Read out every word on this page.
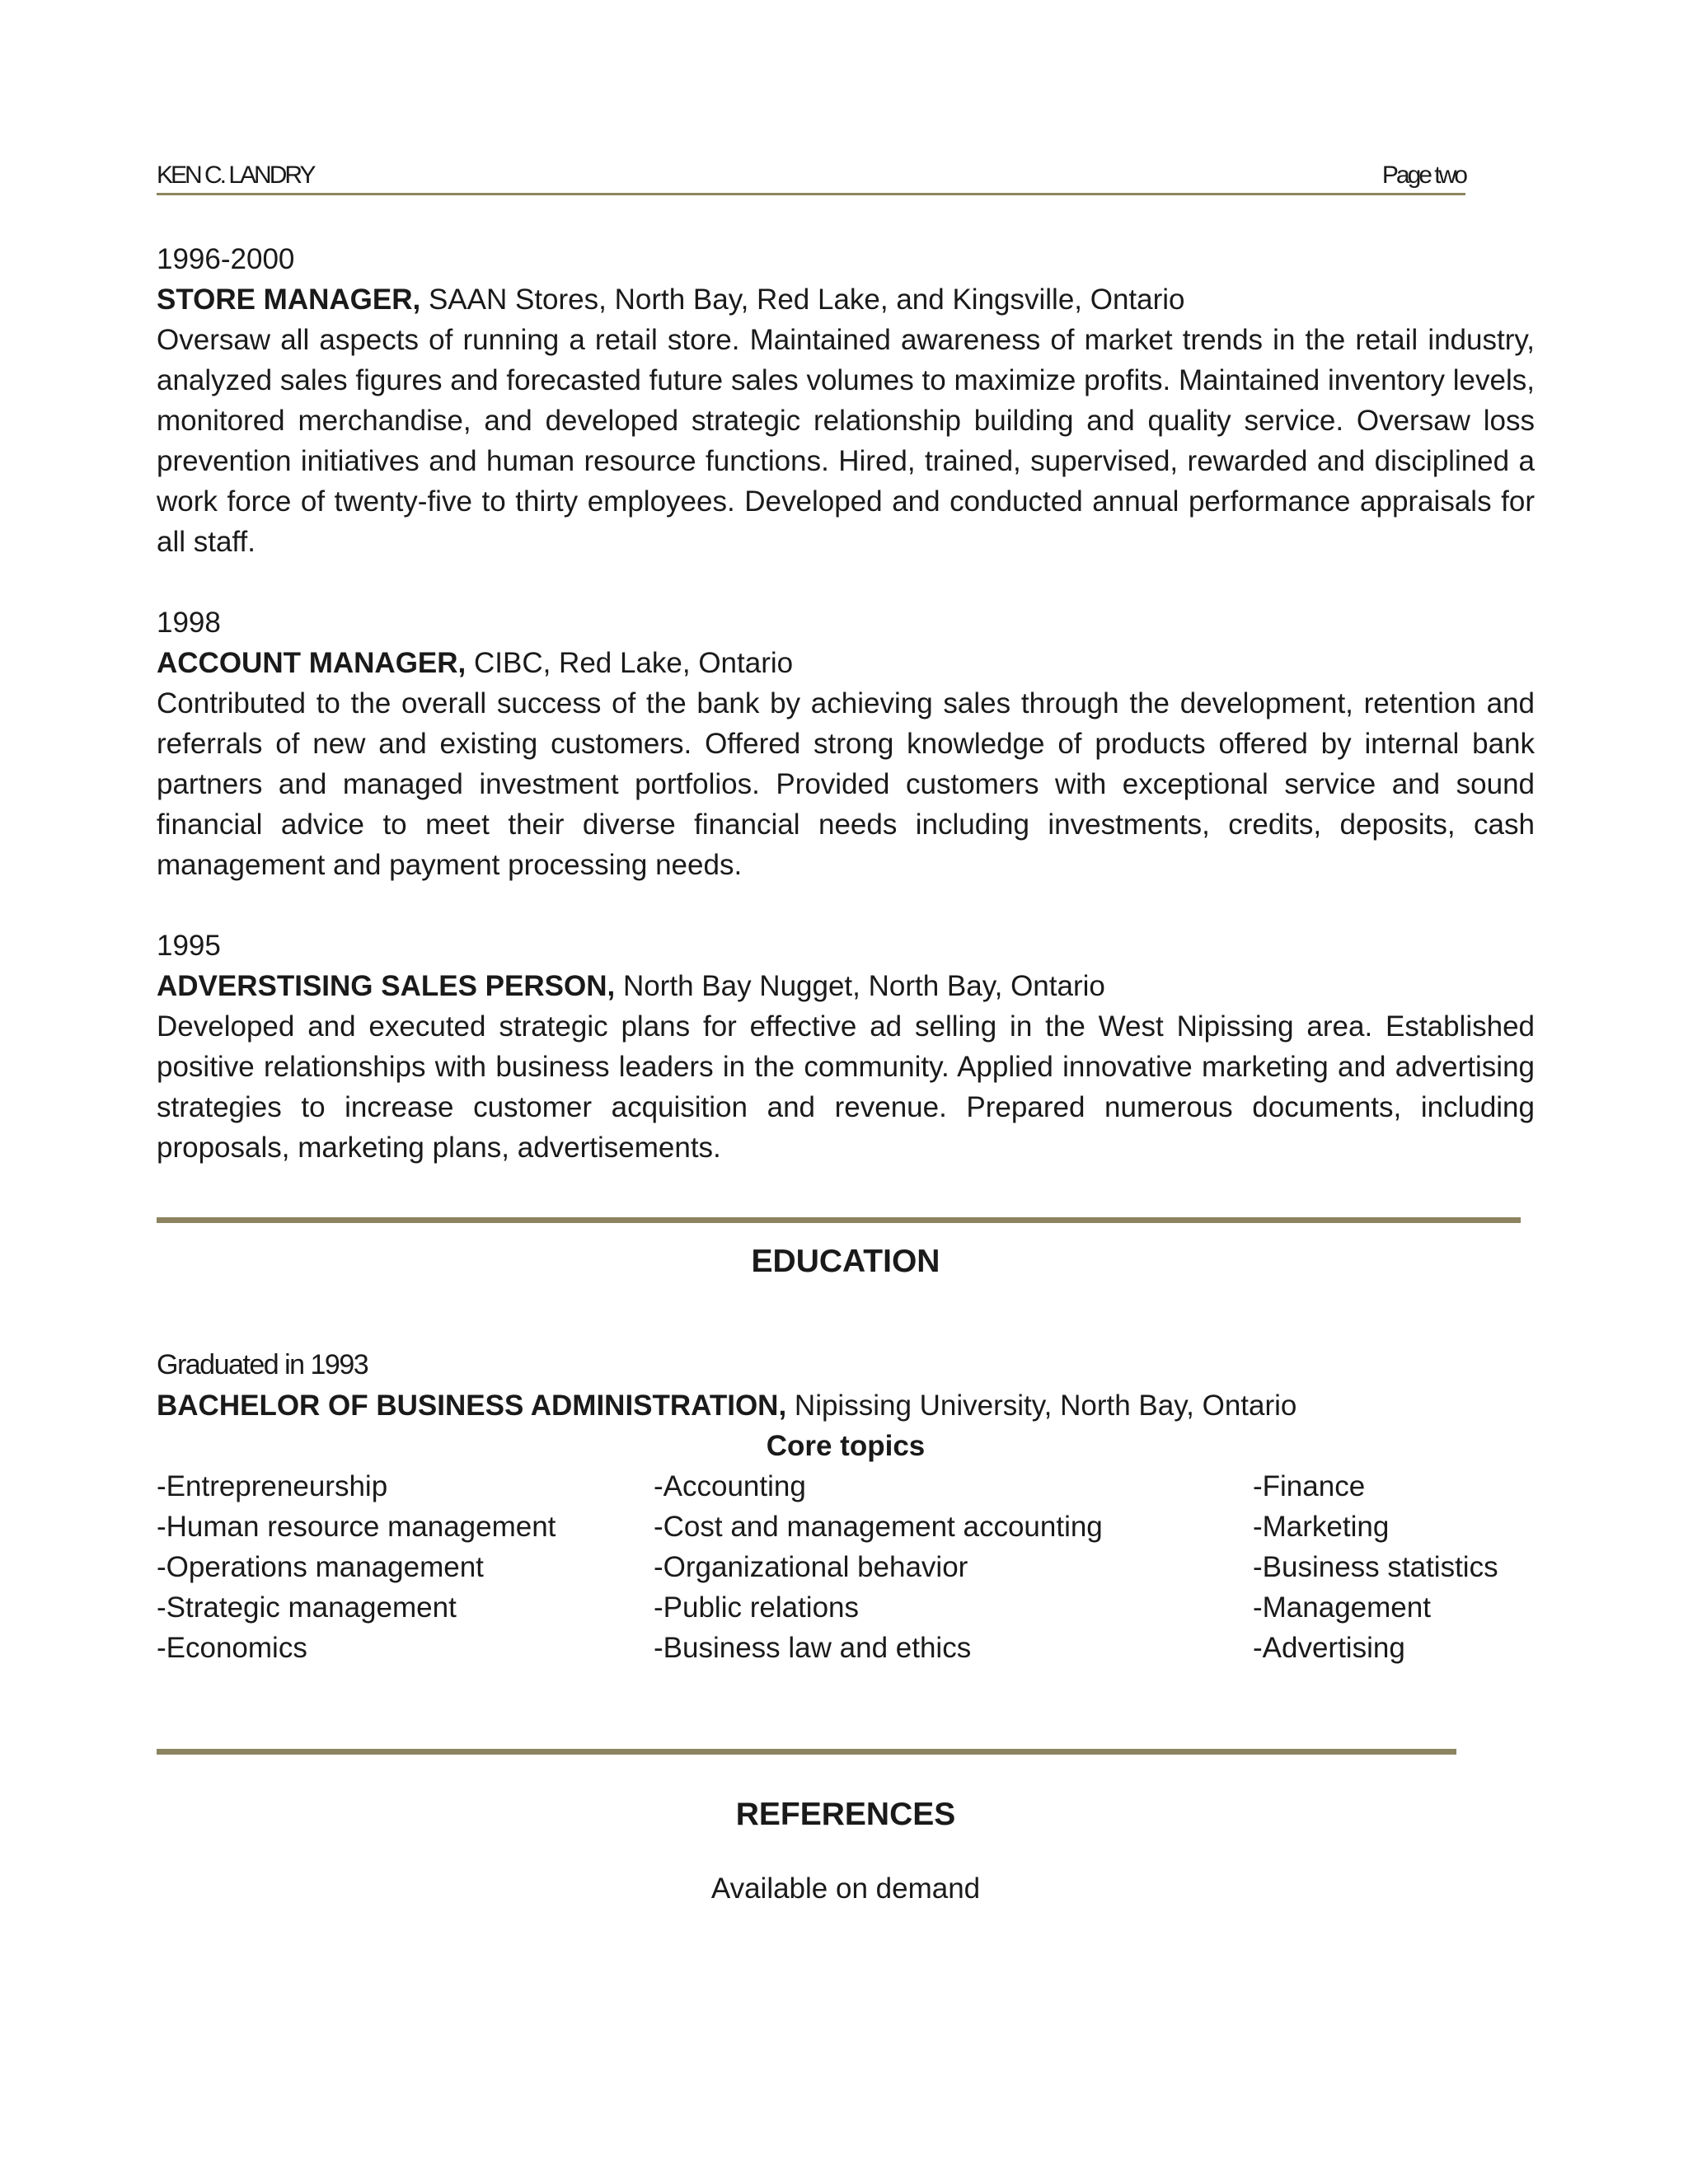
KEN C. LANDRY	Page two
1996-2000
STORE MANAGER, SAAN Stores, North Bay, Red Lake, and Kingsville, Ontario
Oversaw all aspects of running a retail store. Maintained awareness of market trends in the retail industry, analyzed sales figures and forecasted future sales volumes to maximize profits. Maintained inventory levels, monitored merchandise, and developed strategic relationship building and quality service. Oversaw loss prevention initiatives and human resource functions. Hired, trained, supervised, rewarded and disciplined a work force of twenty-five to thirty employees. Developed and conducted annual performance appraisals for all staff.
1998
ACCOUNT MANAGER, CIBC, Red Lake, Ontario
Contributed to the overall success of the bank by achieving sales through the development, retention and referrals of new and existing customers. Offered strong knowledge of products offered by internal bank partners and managed investment portfolios. Provided customers with exceptional service and sound financial advice to meet their diverse financial needs including investments, credits, deposits, cash management and payment processing needs.
1995
ADVERSTISING SALES PERSON, North Bay Nugget, North Bay, Ontario
Developed and executed strategic plans for effective ad selling in the West Nipissing area. Established positive relationships with business leaders in the community. Applied innovative marketing and advertising strategies to increase customer acquisition and revenue. Prepared numerous documents, including proposals, marketing plans, advertisements.
EDUCATION
Graduated in 1993
BACHELOR OF BUSINESS ADMINISTRATION, Nipissing University, North Bay, Ontario
Core topics
-Entrepreneurship
-Human resource management
-Operations management
-Strategic management
-Economics
-Accounting
-Cost and management accounting
-Organizational behavior
-Public relations
-Business law and ethics
-Finance
-Marketing
-Business statistics
-Management
-Advertising
REFERENCES
Available on demand
